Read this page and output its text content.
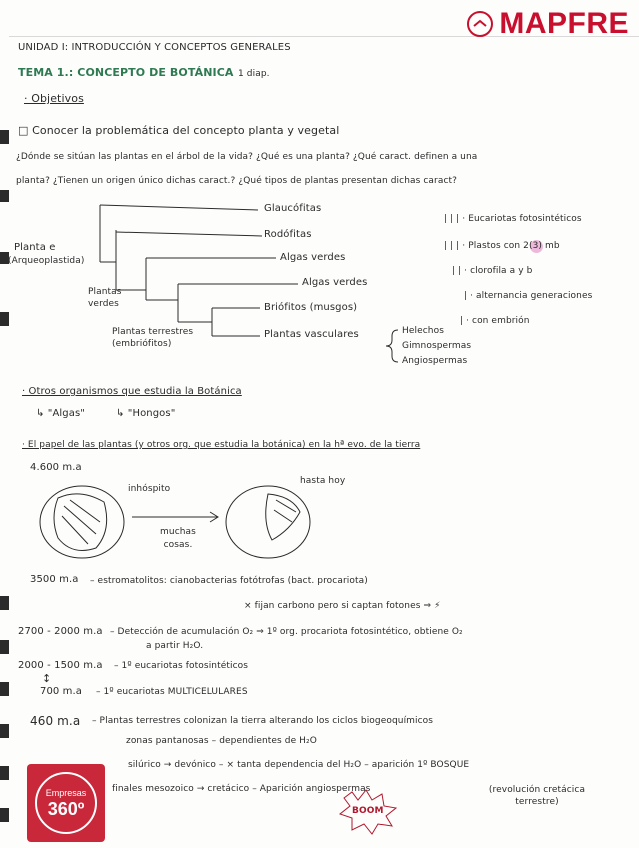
MAPFRE
UNIDAD I: INTRODUCCIÓN Y CONCEPTOS GENERALES
TEMA 1.: CONCEPTO DE BOTÁNICA 1 diap.
· Objetivos
□ Conocer la problemática del concepto planta y vegetal
¿Dónde se sitúan las plantas en el árbol de la vida? ¿Qué es una planta? ¿Qué caract. definen a una
planta? ¿Tienen un origen único dichas caract.? ¿Qué tipos de plantas presentan dichas caract?
Planta e
(Arqueoplastida)
Plantas verdes
Plantas terrestres (embriófitos)
Glaucófitas
Rodófitas
Algas verdes
Algas verdes
Briófitos (musgos)
Plantas vasculares	Helechos
Gimnospermas
Angiospermas
| | | · Eucariotas fotosintéticos
| | | · Plastos con 2(3) mb
| | · clorofila a y b
| · alternancia generaciones
| · con embrión
· Otros organismos que estudia la Botánica
↳ "Algas"	↳ "Hongos"
· El papel de las plantas (y otros org. que estudia la botánica) en la hª evo. de la tierra
4.600 m.a
inhóspito
hasta hoy
muchas cosas.
3500 m.a – estromatolitos: cianobacterias fotótrofas (bact. procariota)
× fijan carbono pero si captan fotones ⇒ ⚡
2700 - 2000 m.a – Detección de acumulación O₂ ⇒ 1º org. procariota fotosintético, obtiene O₂
a partir H₂O.
2000 - 1500 m.a – 1º eucariotas fotosintéticos
↕
700 m.a – 1º eucariotas MULTICELULARES
460 m.a – Plantas terrestres colonizan la tierra alterando los ciclos biogeoquímicos
zonas pantanosas – dependientes de H₂O
silúrico → devónico – × tanta dependencia del H₂O – aparición 1º BOSQUE
finales mesozoico → cretácico – Aparición angiospermas	(revolución cretácica terrestre)
BOOM
Empresas
360º
